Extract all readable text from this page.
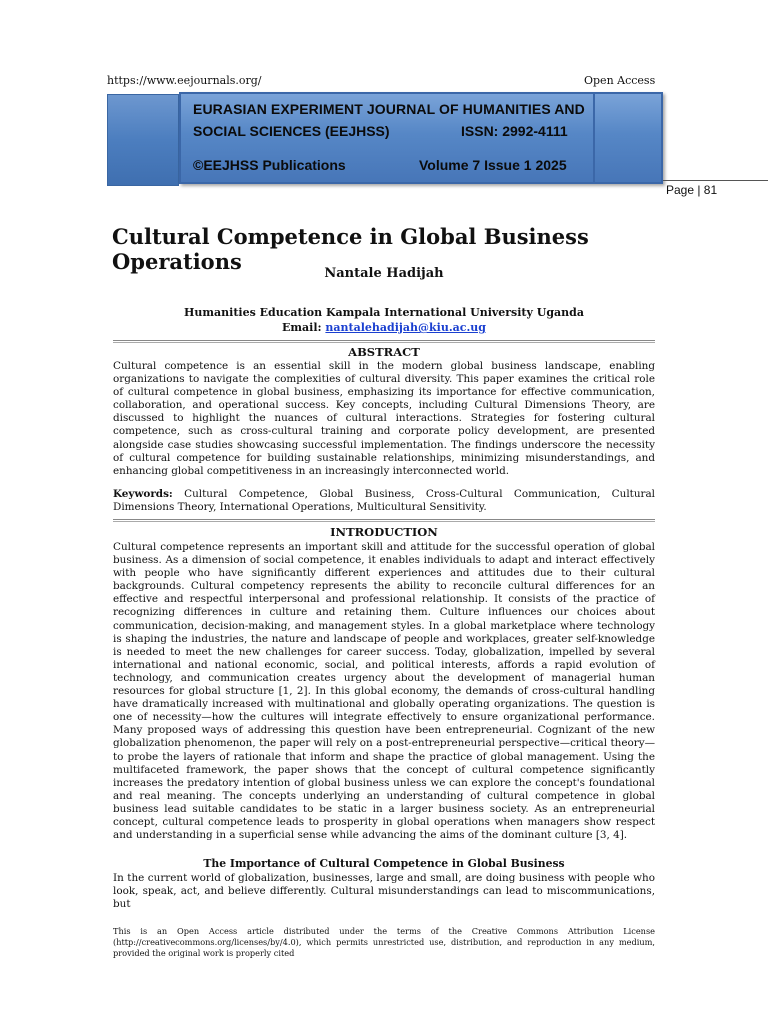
https://www.eejournals.org/	Open Access
EURASIAN EXPERIMENT JOURNAL OF HUMANITIES AND
SOCIAL SCIENCES (EEJHSS)	ISSN: 2992-4111
©EEJHSS Publications	Volume 7 Issue 1 2025
Page | 81
Cultural Competence in Global Business Operations	Nantale Hadijah
Humanities Education Kampala International University Uganda
Email: nantalehadijah@kiu.ac.ug
ABSTRACT

Cultural competence is an essential skill in the modern global business landscape, enabling organizations to navigate the complexities of cultural diversity. This paper examines the critical role of cultural competence in global business, emphasizing its importance for effective communication, collaboration, and operational success. Key concepts, including Cultural Dimensions Theory, are discussed to highlight the nuances of cultural interactions. Strategies for fostering cultural competence, such as cross-cultural training and corporate policy development, are presented alongside case studies showcasing successful implementation. The findings underscore the necessity of cultural competence for building sustainable relationships, minimizing misunderstandings, and enhancing global competitiveness in an increasingly interconnected world.

Keywords: Cultural Competence, Global Business, Cross-Cultural Communication, Cultural Dimensions Theory, International Operations, Multicultural Sensitivity.

INTRODUCTION

Cultural competence represents an important skill and attitude for the successful operation of global business. As a dimension of social competence, it enables individuals to adapt and interact effectively with people who have significantly different experiences and attitudes due to their cultural backgrounds. Cultural competency represents the ability to reconcile cultural differences for an effective and respectful interpersonal and professional relationship. It consists of the practice of recognizing differences in culture and retaining them. Culture influences our choices about communication, decision-making, and management styles. In a global marketplace where technology is shaping the industries, the nature and landscape of people and workplaces, greater self-knowledge is needed to meet the new challenges for career success. Today, globalization, impelled by several international and national economic, social, and political interests, affords a rapid evolution of technology, and communication creates urgency about the development of managerial human resources for global structure [1, 2]. In this global economy, the demands of cross-cultural handling have dramatically increased with multinational and globally operating organizations. The question is one of necessity—how the cultures will integrate effectively to ensure organizational performance. Many proposed ways of addressing this question have been entrepreneurial. Cognizant of the new globalization phenomenon, the paper will rely on a post-entrepreneurial perspective—critical theory—to probe the layers of rationale that inform and shape the practice of global management. Using the multifaceted framework, the paper shows that the concept of cultural competence significantly increases the predatory intention of global business unless we can explore the concept's foundational and real meaning. The concepts underlying an understanding of cultural competence in global business lead suitable candidates to be static in a larger business society. As an entrepreneurial concept, cultural competence leads to prosperity in global operations when managers show respect and understanding in a superficial sense while advancing the aims of the dominant culture [3, 4].

The Importance of Cultural Competence in Global Business

In the current world of globalization, businesses, large and small, are doing business with people who look, speak, act, and believe differently. Cultural misunderstandings can lead to miscommunications, but

This is an Open Access article distributed under the terms of the Creative Commons Attribution License (http://creativecommons.org/licenses/by/4.0), which permits unrestricted use, distribution, and reproduction in any medium, provided the original work is properly cited
